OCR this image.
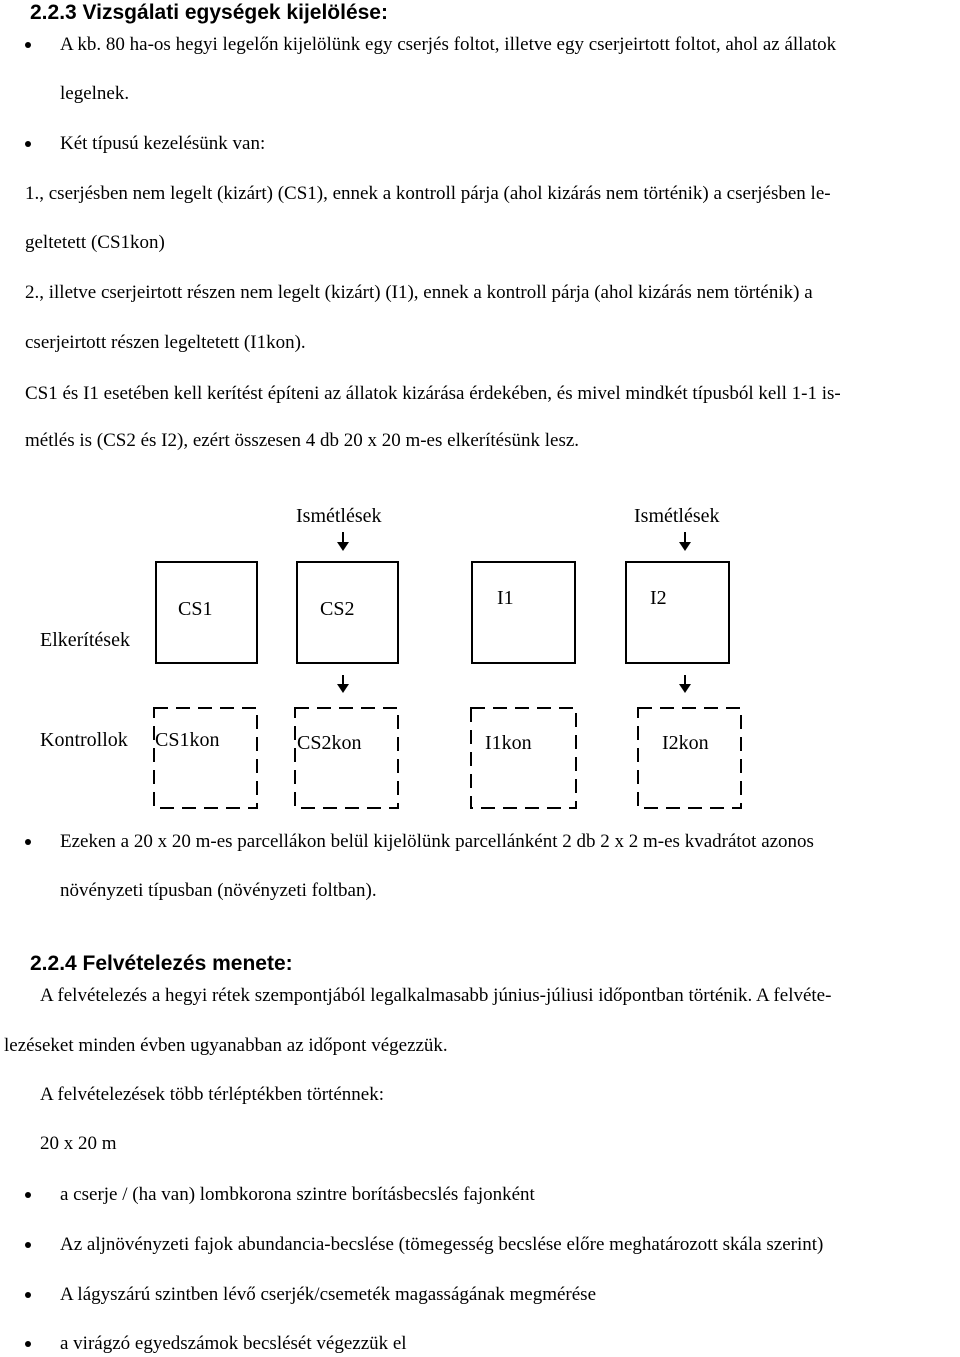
2.2.3 Vizsgálati egységek kijelölése:
A kb. 80 ha-os hegyi legelőn kijelölünk egy cserjés foltot, illetve egy cserjeirtott foltot, ahol az állatok
legelnek.
Két típusú kezelésünk van:
1., cserjésben nem legelt (kizárt) (CS1), ennek a kontroll párja (ahol kizárás nem történik) a cserjésben le-
geltetett (CS1kon)
2., illetve cserjeirtott részen nem legelt (kizárt) (I1), ennek a kontroll párja (ahol kizárás nem történik) a
cserjeirtott részen legeltetett (I1kon).
CS1 és I1 esetében kell kerítést építeni az állatok kizárása érdekében, és mivel mindkét típusból kell 1-1 is-
métlés is (CS2 és I2), ezért összesen 4 db 20 x 20 m-es elkerítésünk lesz.
Ismétlések	Ismétlések
CS1	CS2	I1	I2
Elkerítések
Kontrollok CS1kon	CS2kon	I1kon	I2kon
Ezeken a 20 x 20 m-es parcellákon belül kijelölünk parcellánként 2 db 2 x 2 m-es kvadrátot azonos
növényzeti típusban (növényzeti foltban).
2.2.4 Felvételezés menete:
A felvételezés a hegyi rétek szempontjából legalkalmasabb június-júliusi időpontban történik. A felvéte-
lezéseket minden évben ugyanabban az időpont végezzük.
A felvételezések több térléptékben történnek:
20 x 20 m
a cserje / (ha van) lombkorona szintre borításbecslés fajonként
Az aljnövényzeti fajok abundancia-becslése (tömegesség becslése előre meghatározott skála szerint)
A lágyszárú szintben lévő cserjék/csemeték magasságának megmérése
a virágzó egyedszámok becslését végezzük el
